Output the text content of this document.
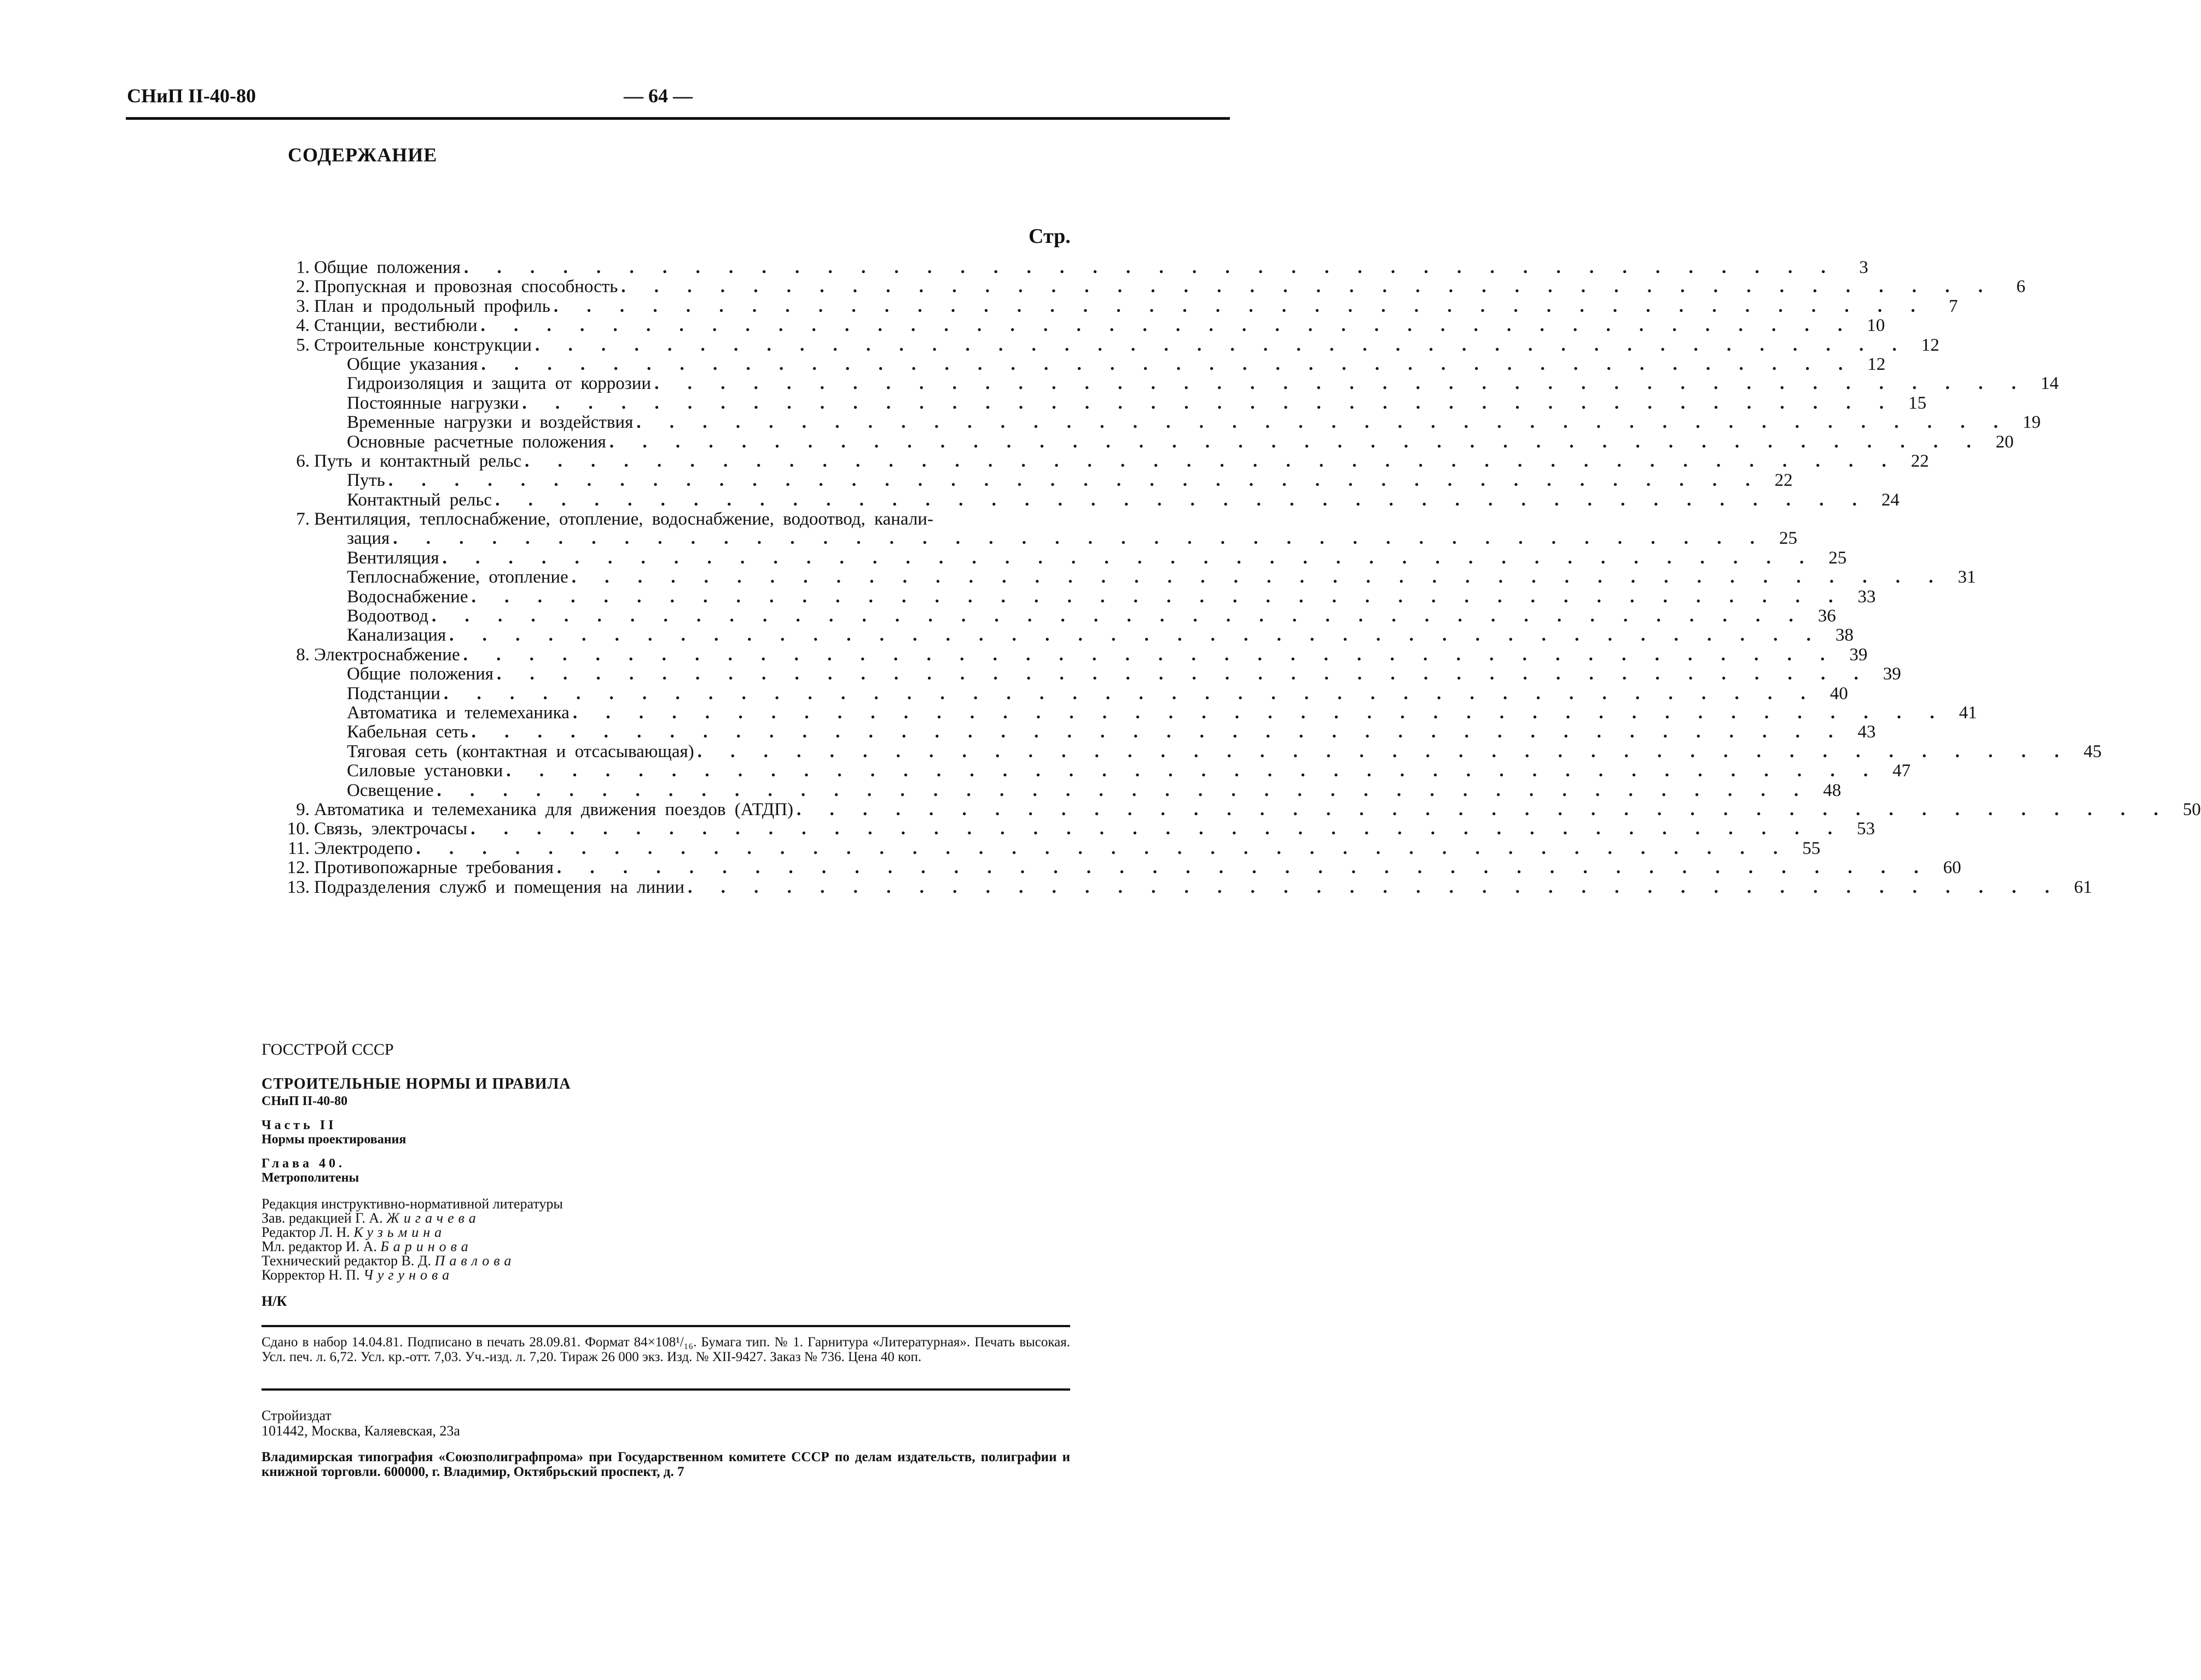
СНиП II-40-80	— 64 —
СОДЕРЖАНИЕ
Стр.
1. Общие положения . . . . . . . . . . . . . . . . . . . . . . . . . . . . . . . . . . . . . . . . . .	3
2. Пропускная и провозная способность . . . . . . . . . . . . . . . . . . . . . . . . . . . . . . . . . . . . . . . . . .	6
3. План и продольный профиль . . . . . . . . . . . . . . . . . . . . . . . . . . . . . . . . . . . . . . . . . .	7
4. Станции, вестибюли . . . . . . . . . . . . . . . . . . . . . . . . . . . . . . . . . . . . . . . . . . 10
5. Строительные конструкции . . . . . . . . . . . . . . . . . . . . . . . . . . . . . . . . . . . . . . . . . . 12
Общие указания . . . . . . . . . . . . . . . . . . . . . . . . . . . . . . . . . . . . . . . . . . 12
Гидроизоляция и защита от коррозии . . . . . . . . . . . . . . . . . . . . . . . . . . . . . . . . . . . . . . . . . . 14
Постоянные нагрузки . . . . . . . . . . . . . . . . . . . . . . . . . . . . . . . . . . . . . . . . . . 15
Временные нагрузки и воздействия . . . . . . . . . . . . . . . . . . . . . . . . . . . . . . . . . . . . . . . . . . 19
Основные расчетные положения . . . . . . . . . . . . . . . . . . . . . . . . . . . . . . . . . . . . . . . . . . 20
6. Путь и контактный рельс . . . . . . . . . . . . . . . . . . . . . . . . . . . . . . . . . . . . . . . . . . 22
Путь . . . . . . . . . . . . . . . . . . . . . . . . . . . . . . . . . . . . . . . . . . 22
Контактный рельс . . . . . . . . . . . . . . . . . . . . . . . . . . . . . . . . . . . . . . . . . . 24
7. Вентиляция, теплоснабжение, отопление, водоснабжение, водоотвод, канали-
зация . . . . . . . . . . . . . . . . . . . . . . . . . . . . . . . . . . . . . . . . . . 25
Вентиляция . . . . . . . . . . . . . . . . . . . . . . . . . . . . . . . . . . . . . . . . . . 25
Теплоснабжение, отопление . . . . . . . . . . . . . . . . . . . . . . . . . . . . . . . . . . . . . . . . . . 31
Водоснабжение . . . . . . . . . . . . . . . . . . . . . . . . . . . . . . . . . . . . . . . . . . 33
Водоотвод . . . . . . . . . . . . . . . . . . . . . . . . . . . . . . . . . . . . . . . . . . 36
Канализация . . . . . . . . . . . . . . . . . . . . . . . . . . . . . . . . . . . . . . . . . . 38
8. Электроснабжение . . . . . . . . . . . . . . . . . . . . . . . . . . . . . . . . . . . . . . . . . . 39
Общие положения . . . . . . . . . . . . . . . . . . . . . . . . . . . . . . . . . . . . . . . . . . 39
Подстанции . . . . . . . . . . . . . . . . . . . . . . . . . . . . . . . . . . . . . . . . . . 40
Автоматика и телемеханика . . . . . . . . . . . . . . . . . . . . . . . . . . . . . . . . . . . . . . . . . . 41
Кабельная сеть . . . . . . . . . . . . . . . . . . . . . . . . . . . . . . . . . . . . . . . . . . 43
Тяговая сеть (контактная и отсасывающая) . . . . . . . . . . . . . . . . . . . . . . . . . . . . . . . . . . . . . . . . . . 45
Силовые установки . . . . . . . . . . . . . . . . . . . . . . . . . . . . . . . . . . . . . . . . . . 47
Освещение . . . . . . . . . . . . . . . . . . . . . . . . . . . . . . . . . . . . . . . . . . 48
9. Автоматика и телемеханика для движения поездов (АТДП) . . . . . . . . . . . . . . . . . . . . . . . . . . . . . . . . . . . . . . . . . . 50
10. Связь, электрочасы . . . . . . . . . . . . . . . . . . . . . . . . . . . . . . . . . . . . . . . . . . 53
11. Электродепо . . . . . . . . . . . . . . . . . . . . . . . . . . . . . . . . . . . . . . . . . . 55
12. Противопожарные требования . . . . . . . . . . . . . . . . . . . . . . . . . . . . . . . . . . . . . . . . . . 60
13. Подразделения служб и помещения на линии . . . . . . . . . . . . . . . . . . . . . . . . . . . . . . . . . . . . . . . . . . 61
ГОССТРОЙ СССР
СТРОИТЕЛЬНЫЕ НОРМЫ И ПРАВИЛА
СНиП II-40-80
Часть II
Нормы проектирования
Глава 40.
Метрополитены
Редакция инструктивно-нормативной литературы
Зав. редакцией Г. А. Жигачева
Редактор Л. Н. Кузьмина
Мл. редактор И. А. Баринова
Технический редактор В. Д. Павлова
Корректор Н. П. Чугунова
Н/К
Сдано в набор 14.04.81. Подписано в печать 28.09.81. Формат 84×108¹/₁₆. Бумага тип. № 1. Гарнитура «Литературная». Печать высокая. Усл. печ. л. 6,72. Усл. кр.-отт. 7,03. Уч.-изд. л. 7,20. Тираж 26 000 экз. Изд. № XII-9427. Заказ № 736. Цена 40 коп.
Стройиздат
101442, Москва, Каляевская, 23а
Владимирская типография «Союзполиграфпрома» при Государственном комитете СССР по делам издательств, полиграфии и книжной торговли. 600000, г. Владимир, Октябрьский проспект, д. 7
